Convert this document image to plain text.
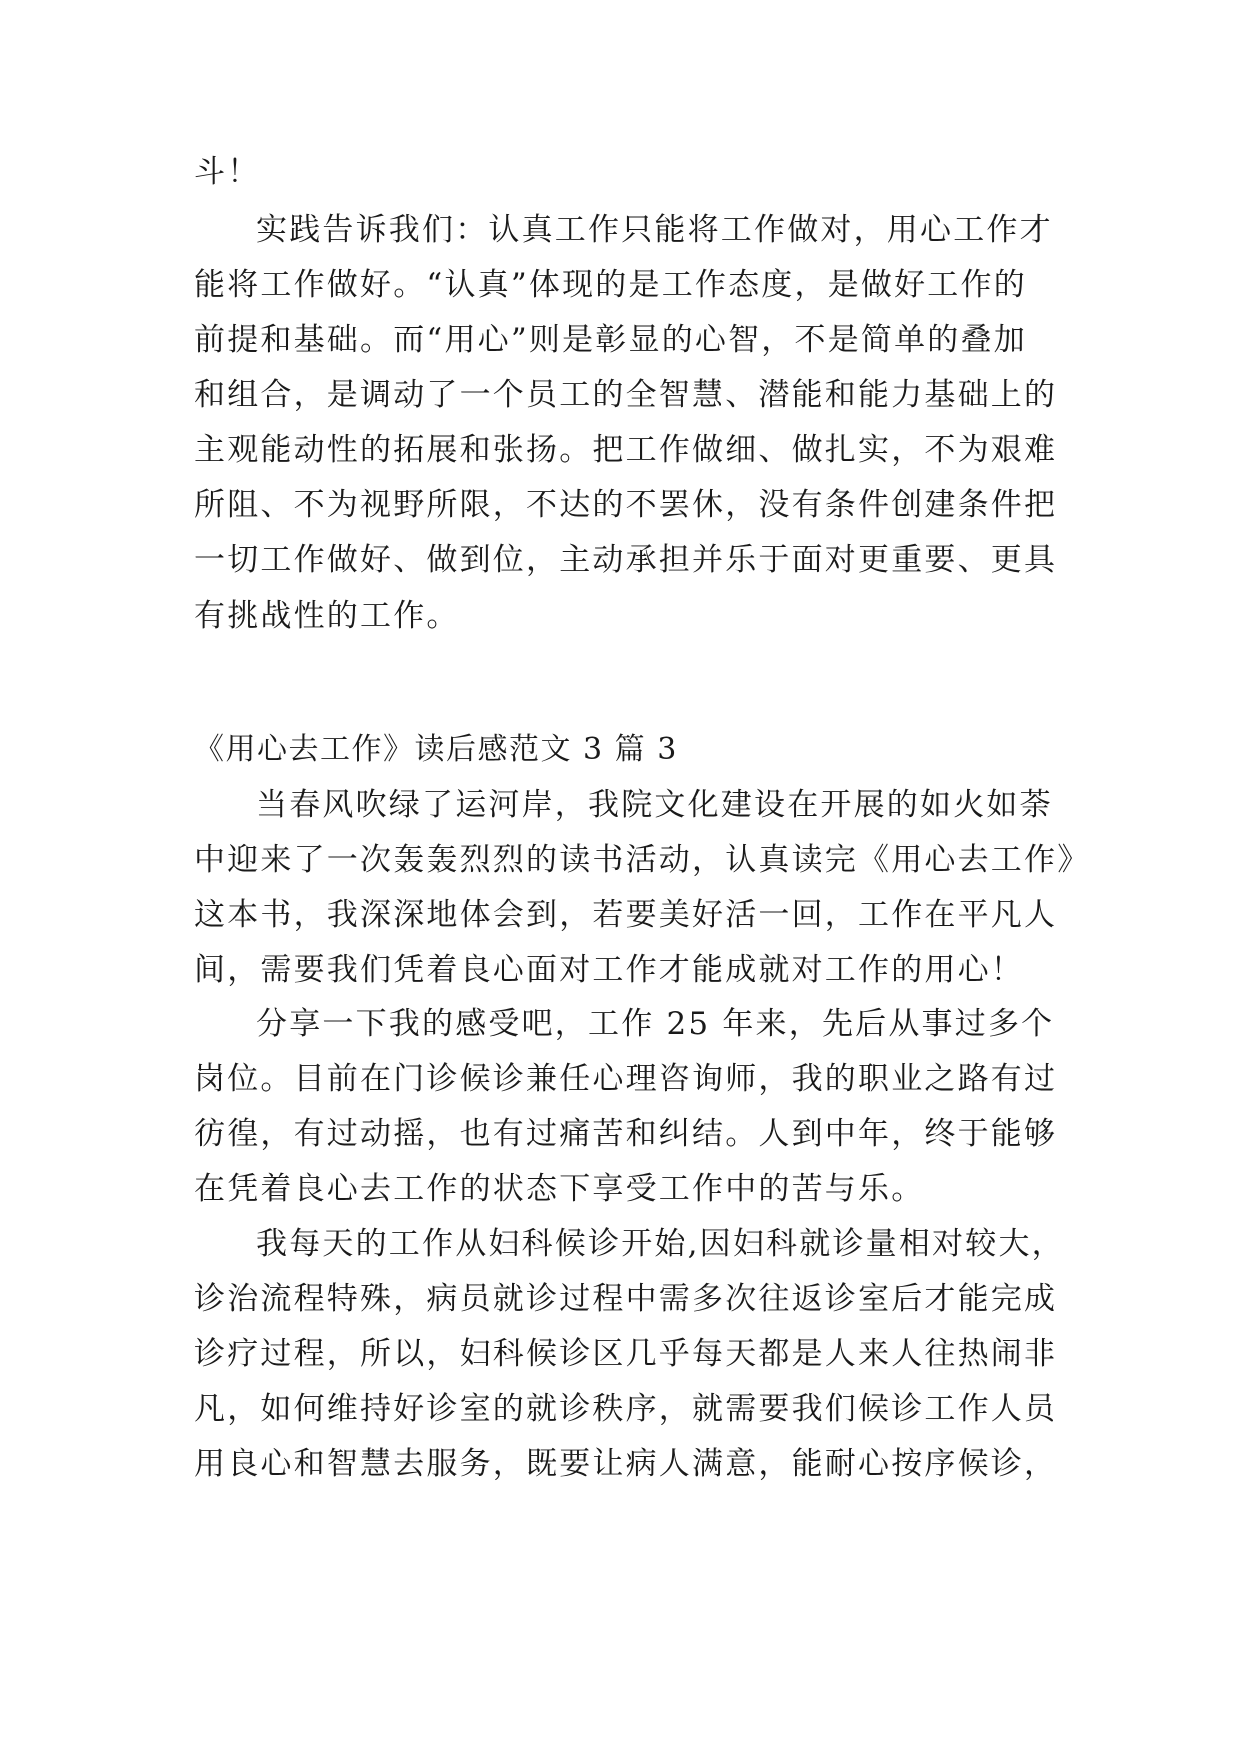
斗！
实践告诉我们：认真工作只能将工作做对，用心工作才
能将工作做好。“认真”体现的是工作态度，是做好工作的
前提和基础。而“用心”则是彰显的心智，不是简单的叠加
和组合，是调动了一个员工的全智慧、潜能和能力基础上的
主观能动性的拓展和张扬。把工作做细、做扎实，不为艰难
所阻、不为视野所限，不达的不罢休，没有条件创建条件把
一切工作做好、做到位，主动承担并乐于面对更重要、更具
有挑战性的工作。
《用心去工作》读后感范文 3 篇 3
当春风吹绿了运河岸，我院文化建设在开展的如火如荼
中迎来了一次轰轰烈烈的读书活动，认真读完《用心去工作》
这本书，我深深地体会到，若要美好活一回，工作在平凡人
间，需要我们凭着良心面对工作才能成就对工作的用心！
分享一下我的感受吧，工作 25 年来，先后从事过多个
岗位。目前在门诊候诊兼任心理咨询师，我的职业之路有过
彷徨，有过动摇，也有过痛苦和纠结。人到中年，终于能够
在凭着良心去工作的状态下享受工作中的苦与乐。
我每天的工作从妇科候诊开始,因妇科就诊量相对较大，
诊治流程特殊，病员就诊过程中需多次往返诊室后才能完成
诊疗过程，所以，妇科候诊区几乎每天都是人来人往热闹非
凡，如何维持好诊室的就诊秩序，就需要我们候诊工作人员
用良心和智慧去服务，既要让病人满意，能耐心按序候诊，
